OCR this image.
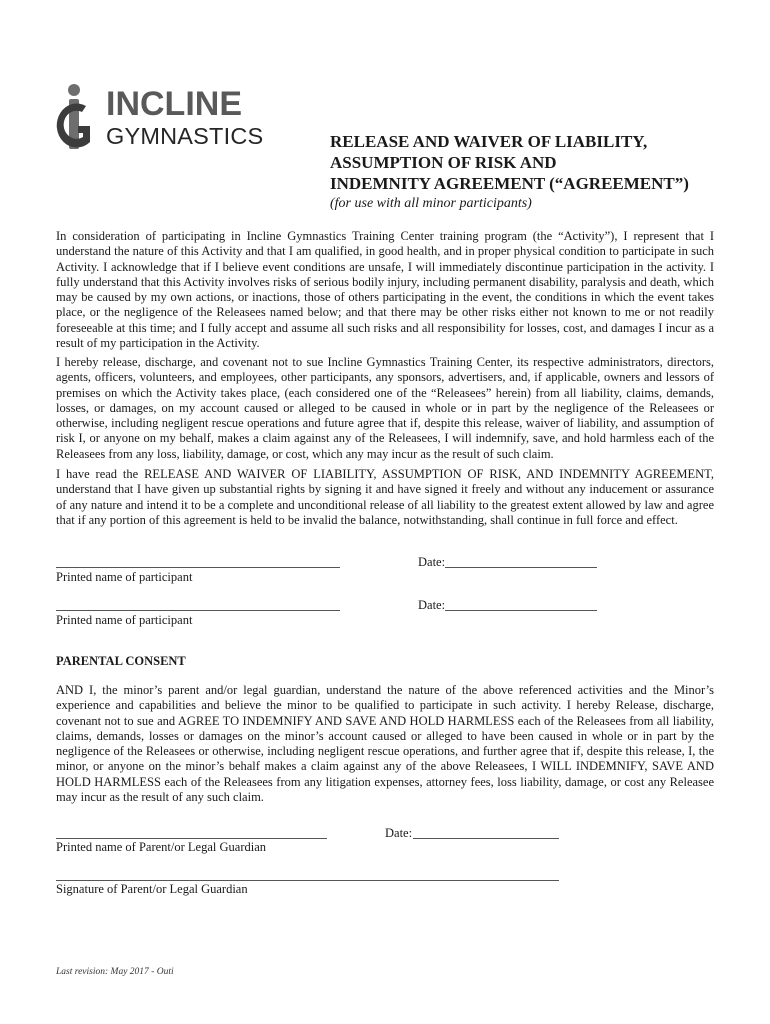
INCLINE
GYMNASTICS	RELEASE AND WAIVER OF LIABILITY,
ASSUMPTION OF RISK AND
INDEMNITY AGREEMENT (“AGREEMENT”)
(for use with all minor participants)

In consideration of participating in Incline Gymnastics Training Center training program (the “Activity”), I represent that I understand the nature of this Activity and that I am qualified, in good health, and in proper physical condition to participate in such Activity. I acknowledge that if I believe event conditions are unsafe, I will immediately discontinue participation in the activity. I fully understand that this Activity involves risks of serious bodily injury, including permanent disability, paralysis and death, which may be caused by my own actions, or inactions, those of others participating in the event, the conditions in which the event takes place, or the negligence of the Releasees named below; and that there may be other risks either not known to me or not readily foreseeable at this time; and I fully accept and assume all such risks and all responsibility for losses, cost, and damages I incur as a result of my participation in the Activity.

I hereby release, discharge, and covenant not to sue Incline Gymnastics Training Center, its respective administrators, directors, agents, officers, volunteers, and employees, other participants, any sponsors, advertisers, and, if applicable, owners and lessors of premises on which the Activity takes place, (each considered one of the “Releasees” herein) from all liability, claims, demands, losses, or damages, on my account caused or alleged to be caused in whole or in part by the negligence of the Releasees or otherwise, including negligent rescue operations and future agree that if, despite this release, waiver of liability, and assumption of risk I, or anyone on my behalf, makes a claim against any of the Releasees, I will indemnify, save, and hold harmless each of the Releasees from any loss, liability, damage, or cost, which any may incur as the result of such claim.

I have read the RELEASE AND WAIVER OF LIABILITY, ASSUMPTION OF RISK, AND INDEMNITY AGREEMENT, understand that I have given up substantial rights by signing it and have signed it freely and without any inducement or assurance of any nature and intend it to be a complete and unconditional release of all liability to the greatest extent allowed by law and agree that if any portion of this agreement is held to be invalid the balance, notwithstanding, shall continue in full force and effect.

Date:
Printed name of participant
Date:
Printed name of participant
PARENTAL CONSENT

AND I, the minor’s parent and/or legal guardian, understand the nature of the above referenced activities and the Minor’s experience and capabilities and believe the minor to be qualified to participate in such activity. I hereby Release, discharge, covenant not to sue and AGREE TO INDEMNIFY AND SAVE AND HOLD HARMLESS each of the Releasees from all liability, claims, demands, losses or damages on the minor’s account caused or alleged to have been caused in whole or in part by the negligence of the Releasees or otherwise, including negligent rescue operations, and further agree that if, despite this release, I, the minor, or anyone on the minor’s behalf makes a claim against any of the above Releasees, I WILL INDEMNIFY, SAVE AND HOLD HARMLESS each of the Releasees from any litigation expenses, attorney fees, loss liability, damage, or cost any Releasee may incur as the result of any such claim.

Date:
Printed name of Parent/or Legal Guardian
Signature of Parent/or Legal Guardian
Last revision: May 2017 - Outi
